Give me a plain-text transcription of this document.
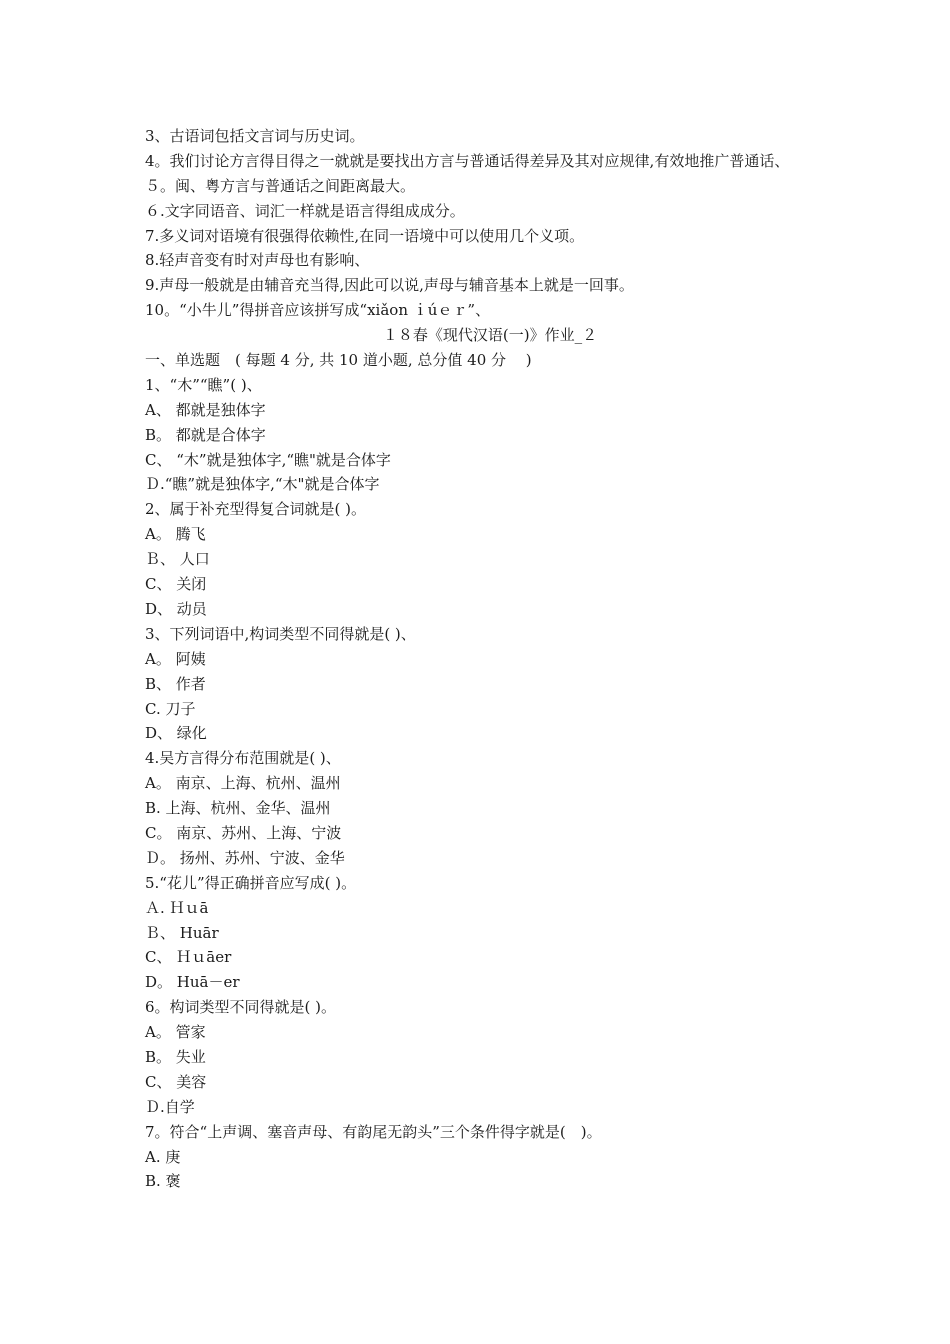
3、古语词包括文言词与历史词。
4。我们讨论方言得目得之一就就是要找出方言与普通话得差异及其对应规律,有效地推广普通话、
５。闽、粤方言与普通话之间距离最大。
６.文字同语音、词汇一样就是语言得组成成分。
7.多义词对语境有很强得依赖性,在同一语境中可以使用几个义项。
8.轻声音变有时对声母也有影响、
9.声母一般就是由辅音充当得,因此可以说,声母与辅音基本上就是一回事。
10。“小牛儿”得拼音应该拼写成“xiǎon ｉúｅｒ”、
１８春《现代汉语(一)》作业_２
一、单选题　( 每题 4 分, 共 10 道小题, 总分值 40 分　 )
1、“木”“瞧”( )、
A、 都就是独体字
B。 都就是合体字
C、 “木”就是独体字,“瞧"就是合体字
Ｄ.“瞧”就是独体字,“木"就是合体字
2、属于补充型得复合词就是( )。
A。 腾飞
Ｂ、 人口
C、 关闭
D、 动员
3、下列词语中,构词类型不同得就是( )、
A。 阿姨
B、 作者
C. 刀子
D、 绿化
4.吴方言得分布范围就是( )、
A。 南京、上海、杭州、温州
B. 上海、杭州、金华、温州
C。 南京、苏州、上海、宁波
Ｄ。 扬州、苏州、宁波、金华
5.“花儿”得正确拼音应写成( )。
Ａ. Ｈｕā
Ｂ、 Huār
C、 Ｈｕāer
D。 Huā－er
6。构词类型不同得就是( )。
A。 管家
B。 失业
C、 美容
Ｄ.自学
7。符合“上声调、塞音声母、有韵尾无韵头”三个条件得字就是(　)。
A. 庚
B. 褒
